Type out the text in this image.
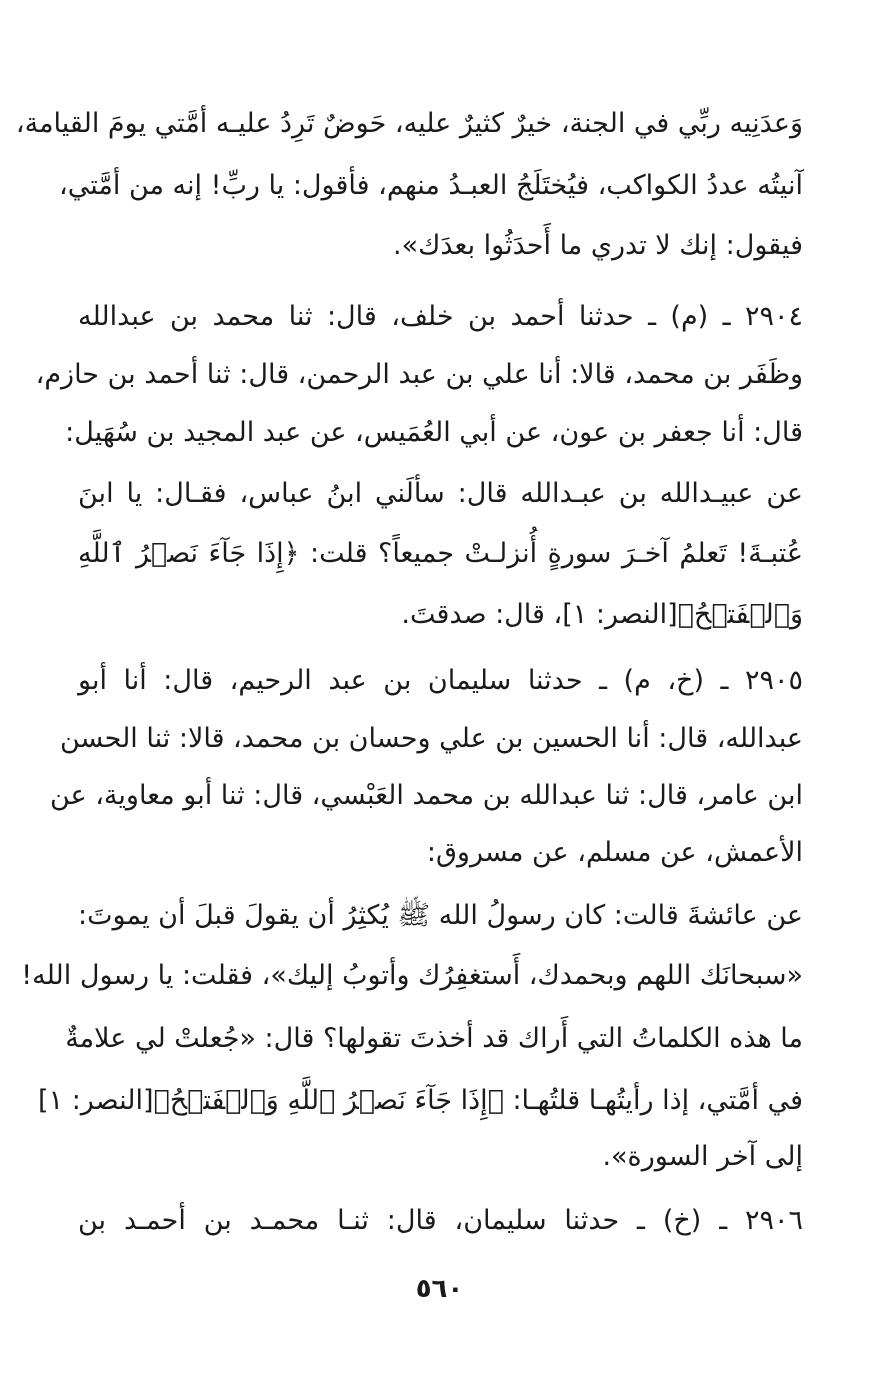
وَعدَنِيه ربِّي في الجنة، خيرٌ كثيرٌ عليه، حَوضٌ تَرِدُ عليـه أمَّتي يومَ القيامة،
آنيتُه عددُ الكواكب، فيُختَلَجُ العبـدُ منهم، فأقول: يا ربِّ! إنه من أمَّتي،
فيقول: إنك لا تدري ما أَحدَثُوا بعدَك».
٢٩٠٤ ـ (م) ـ حدثنا أحمد بن خلف، قال: ثنا محمد بن عبدالله
وظَفَر بن محمد، قالا: أنا علي بن عبد الرحمن، قال: ثنا أحمد بن حازم،
قال: أنا جعفر بن عون، عن أبي العُمَيس، عن عبد المجيد بن سُهَيل:
عن عبيـدالله بن عبـدالله قال: سألَني ابنُ عباس، فقـال: يا ابنَ
عُتبـةَ! تَعلمُ آخـرَ سورةٍ أُنزلـتْ جميعاً؟ قلت: ﴿إِذَا جَآءَ نَصۡرُ ٱللَّهِ
وَٱلۡفَتۡحُ﴾[النصر: ١]، قال: صدقتَ.
٢٩٠٥ ـ (خ، م) ـ حدثنا سليمان بن عبد الرحيم، قال: أنا أبو
عبدالله، قال: أنا الحسين بن علي وحسان بن محمد، قالا: ثنا الحسن
ابن عامر، قال: ثنا عبدالله بن محمد العَبْسي، قال: ثنا أبو معاوية، عن
الأعمش، عن مسلم، عن مسروق:
عن عائشةَ قالت: كان رسولُ الله ﷺ يُكثِرُ أن يقولَ قبلَ أن يموتَ:
«سبحانَك اللهم وبحمدك، أَستغفِرُك وأتوبُ إليك»، فقلت: يا رسول الله!
ما هذه الكلماتُ التي أَراك قد أخذتَ تقولها؟ قال: «جُعلتْ لي علامةٌ
في أمَّتي، إذا رأيتُهـا قلتُهـا: ﴿إِذَا جَآءَ نَصۡرُ ٱللَّهِ وَٱلۡفَتۡحُ﴾[النصر: ١]
إلى آخر السورة».
٢٩٠٦ ـ (خ) ـ حدثنا سليمان، قال: ثنـا محمـد بن أحمـد بن
٥٦٠
